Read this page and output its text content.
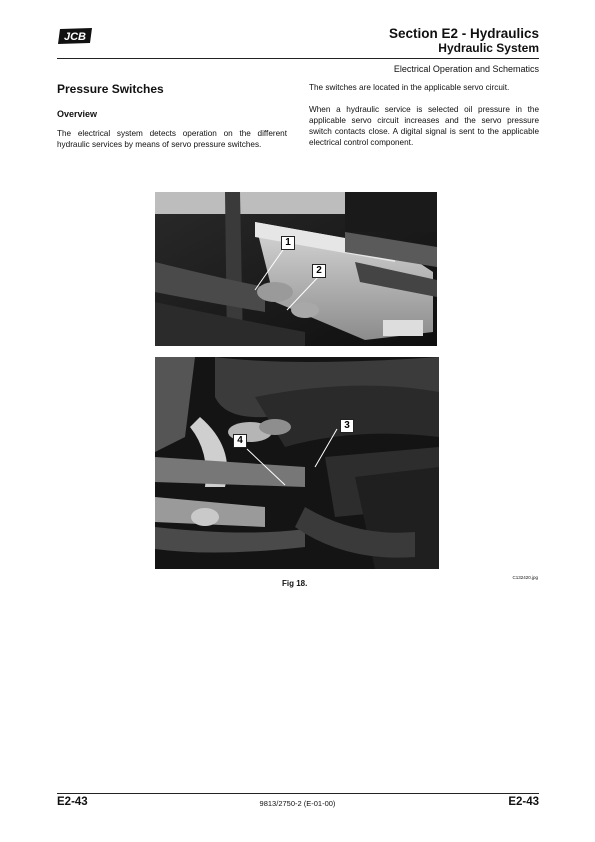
JCB	Section E2 - Hydraulics
Hydraulic System
Electrical Operation and Schematics
Pressure Switches
Overview
The electrical system detects operation on the different hydraulic services by means of servo pressure switches.
The switches are located in the applicable servo circuit.
When a hydraulic service is selected oil pressure in the applicable servo circuit increases and the servo pressure switch contacts close. A digital signal is sent to the applicable electrical control component.
1
2
3
4
C132420.jpg
Fig 18.
E2-43	9813/2750-2 (E-01-00)	E2-43
